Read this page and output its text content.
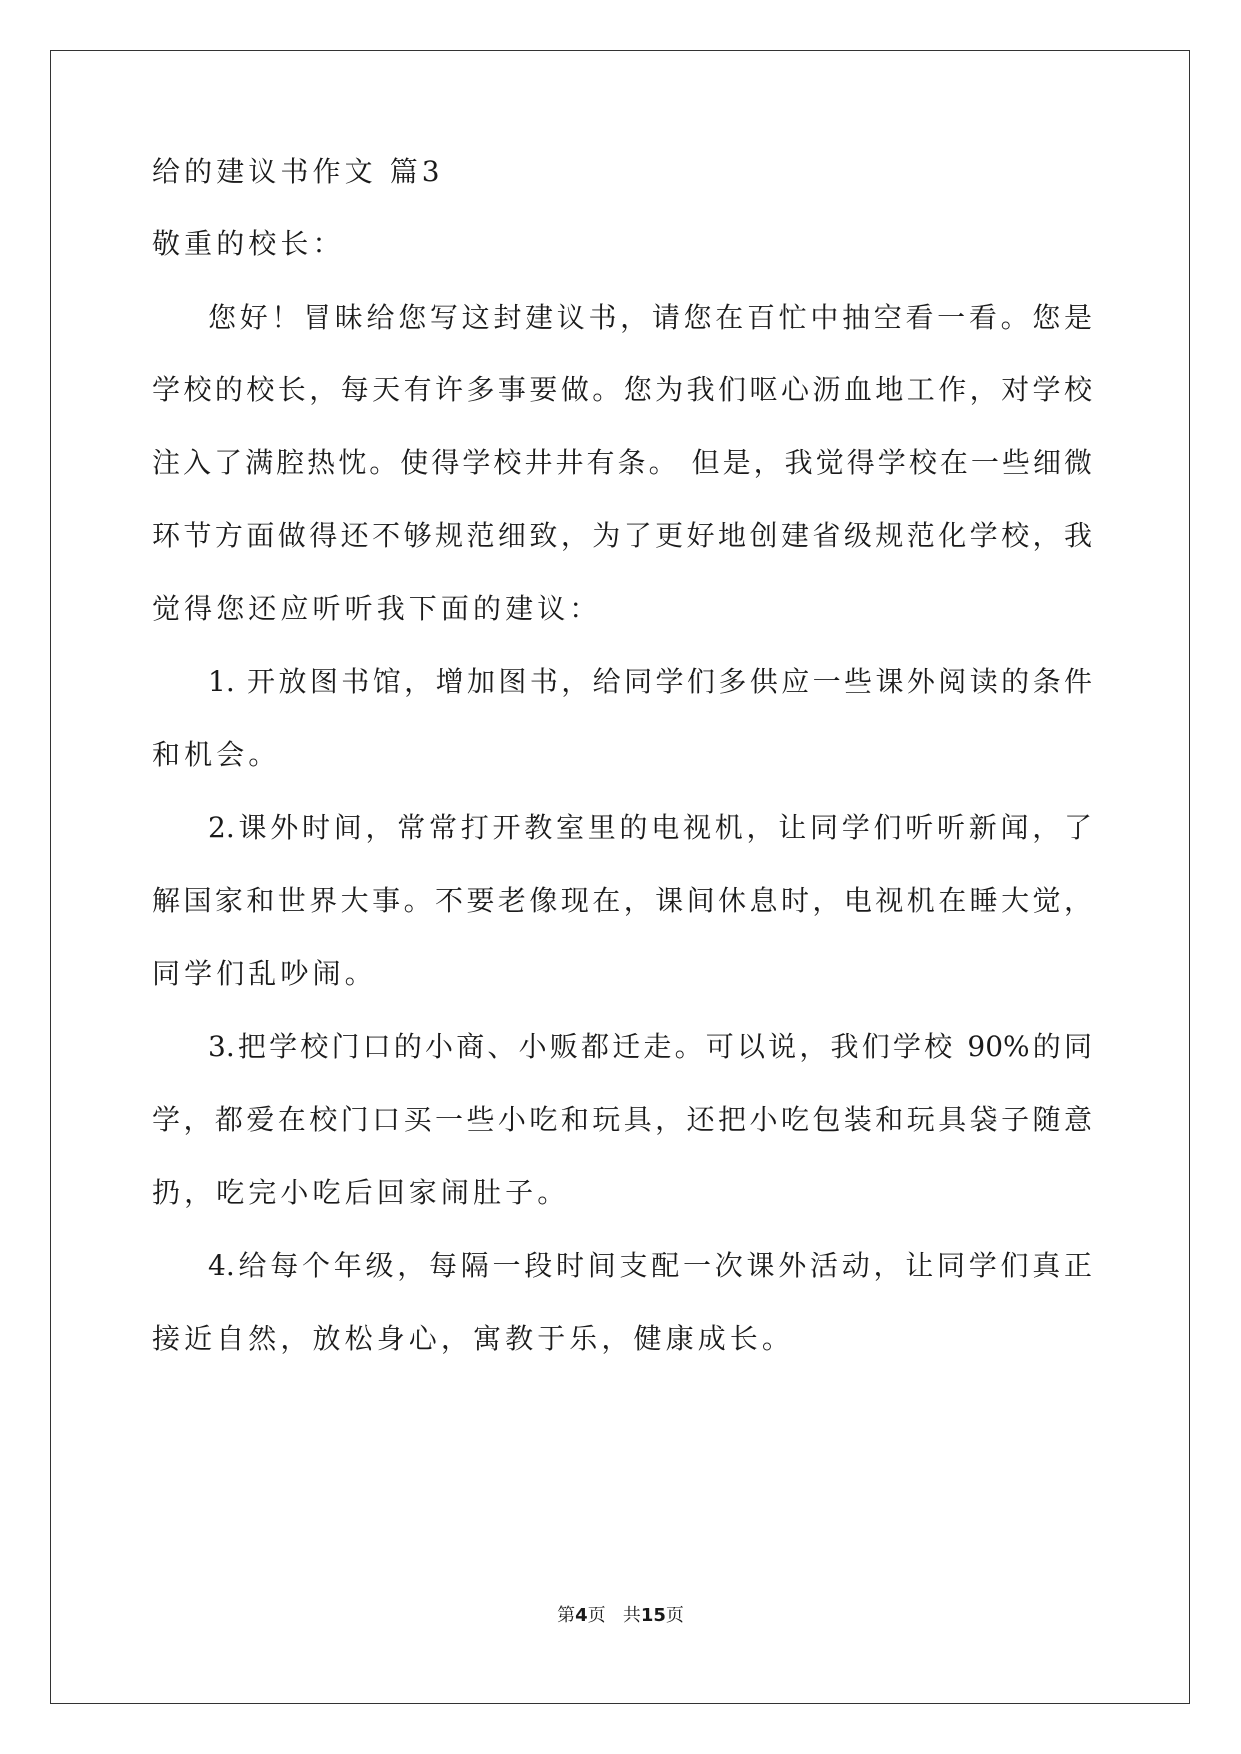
给的建议书作文 篇3
敬重的校长：
您好！冒昧给您写这封建议书，请您在百忙中抽空看一看。您是
学校的校长，每天有许多事要做。您为我们呕心沥血地工作，对学校
注入了满腔热忱。使得学校井井有条。 但是，我觉得学校在一些细微
环节方面做得还不够规范细致，为了更好地创建省级规范化学校，我
觉得您还应听听我下面的建议：
1. 开放图书馆，增加图书，给同学们多供应一些课外阅读的条件
和机会。
2.课外时间，常常打开教室里的电视机，让同学们听听新闻，了
解国家和世界大事。不要老像现在，课间休息时，电视机在睡大觉，
同学们乱吵闹。
3.把学校门口的小商、小贩都迁走。可以说，我们学校 90%的同
学，都爱在校门口买一些小吃和玩具，还把小吃包装和玩具袋子随意
扔，吃完小吃后回家闹肚子。
4.给每个年级，每隔一段时间支配一次课外活动，让同学们真正
接近自然，放松身心，寓教于乐，健康成长。
第4页 共15页
